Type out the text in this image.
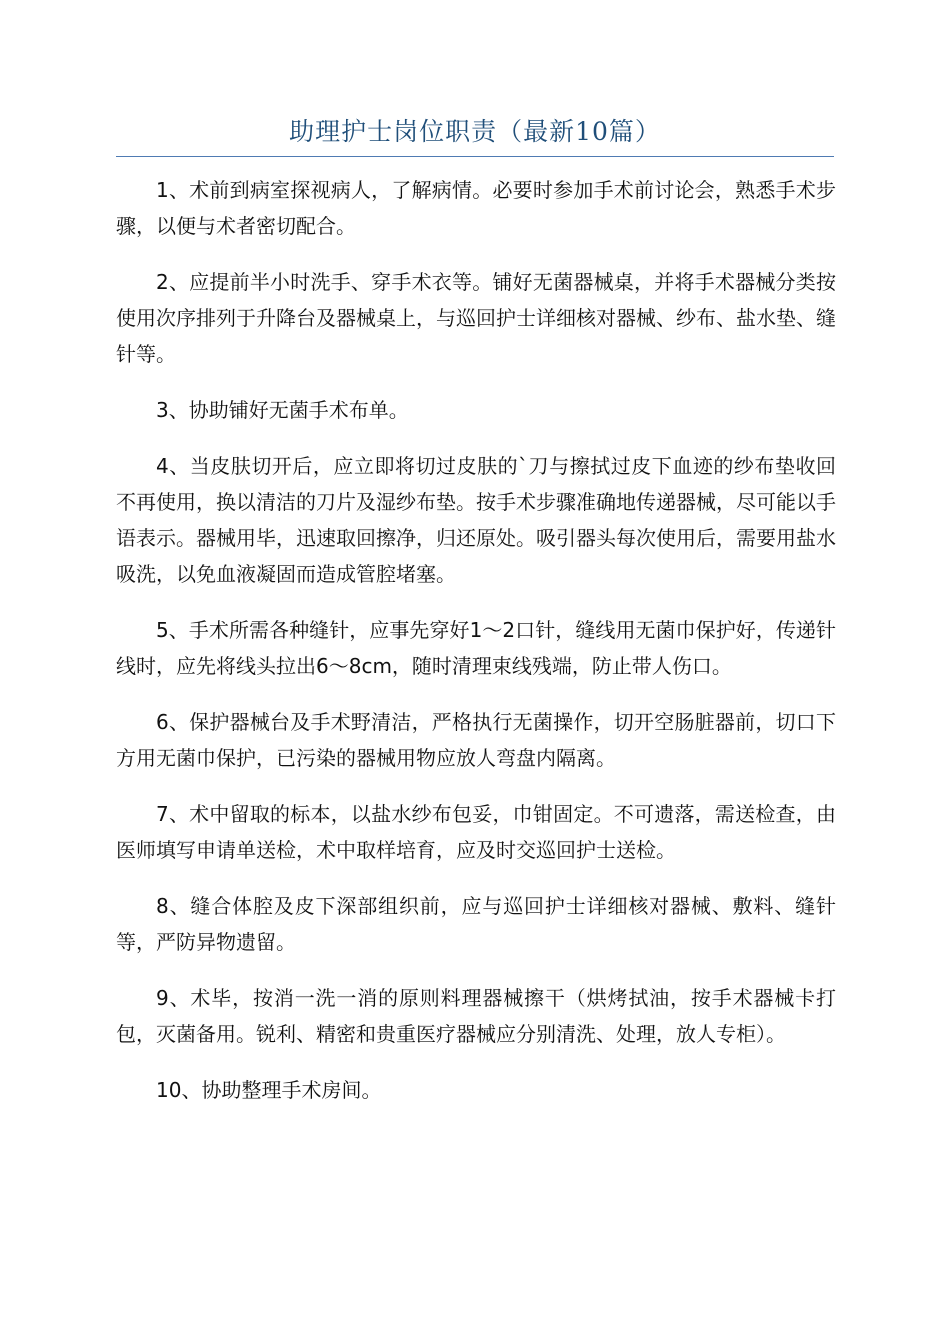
助理护士岗位职责（最新10篇）

1、术前到病室探视病人，了解病情。必要时参加手术前讨论会，熟悉手术步骤，以便与术者密切配合。

2、应提前半小时洗手、穿手术衣等。铺好无菌器械桌，并将手术器械分类按使用次序排列于升降台及器械桌上，与巡回护士详细核对器械、纱布、盐水垫、缝针等。

3、协助铺好无菌手术布单。

4、当皮肤切开后，应立即将切过皮肤的`刀与擦拭过皮下血迹的纱布垫收回不再使用，换以清洁的刀片及湿纱布垫。按手术步骤准确地传递器械，尽可能以手语表示。器械用毕，迅速取回擦净，归还原处。吸引器头每次使用后，需要用盐水吸洗，以免血液凝固而造成管腔堵塞。

5、手术所需各种缝针，应事先穿好1～2口针，缝线用无菌巾保护好，传递针线时，应先将线头拉出6～8cm，随时清理束线残端，防止带人伤口。

6、保护器械台及手术野清洁，严格执行无菌操作，切开空肠脏器前，切口下方用无菌巾保护，已污染的器械用物应放人弯盘内隔离。

7、术中留取的标本，以盐水纱布包妥，巾钳固定。不可遗落，需送检查，由医师填写申请单送检，术中取样培育，应及时交巡回护士送检。

8、缝合体腔及皮下深部组织前，应与巡回护士详细核对器械、敷料、缝针等，严防异物遗留。

9、术毕，按消一洗一消的原则料理器械擦干（烘烤拭油，按手术器械卡打包，灭菌备用。锐利、精密和贵重医疗器械应分别清洗、处理，放人专柜）。

10、协助整理手术房间。
